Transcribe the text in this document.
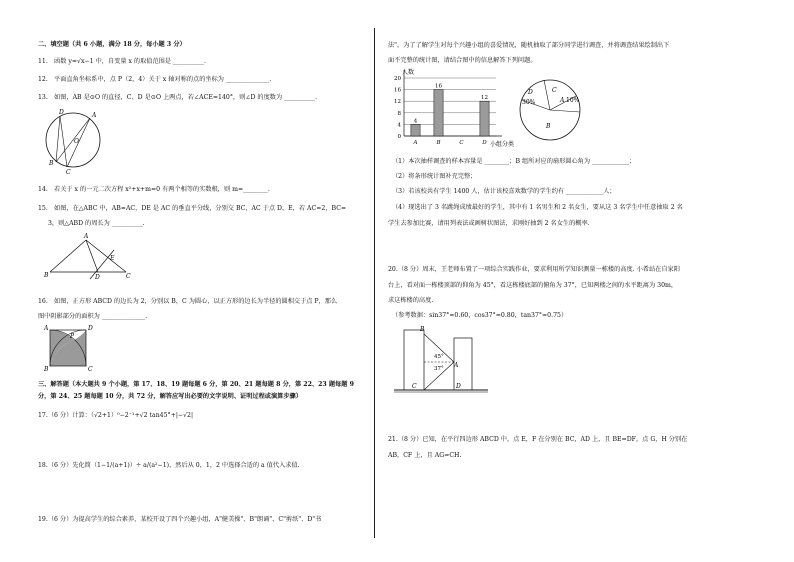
二、填空题（共 6 小题，满分 18 分，每小题 3 分）
11.　函数 y=√x−1 中，自变量 x 的取值范围是 __________.
12.　平面直角坐标系中，点 P（2，4）关于 x 轴对称的点的坐标为 ______________.
13.　如图，AB 是⊙O 的直径，C、D 是⊙O 上两点，若∠ACE=140°，则∠D 的度数为 __________.
D	A
O
B
C
14.　若关于 x 的一元二次方程 x²+x+m=0 有两个相等的实数根，则 m=________.
15.　如图，在△ABC 中，AB=AC，DE 是 AC 的垂直平分线，分别交 BC，AC 于点 D，E，若 AC=2，BC=
3，则△ABD 的周长为 __________.
A
B	C
D
E
16.　如图，正方形 ABCD 的边长为 2，分别以 B，C 为圆心，以正方形的边长为半径的圆相交于点 P，那么
图中阴影部分的面积为 ______________.
A	D
B	C
P
三、解答题（本大题共 9 个小题，第 17、18、19 题每题 6 分，第 20、21 题每题 8 分，第 22、23 题每题 9
分，第 24、25 题每题 10 分，共 72 分，解答应写出必要的文字说明、证明过程或演算步骤）
17.（6 分）计算：（√2+1）⁰−2⁻¹+√2 tan45°+|−√2|
18.（6 分）先化简（1−1/(a+1)）÷ a/(a²−1)，然后从 0，1，2 中选择合适的 a 值代入求值.
19.（6 分）为提高学生的综合素养，某校开设了四个兴趣小组，A"健美操"、B"朗诵"、C"剪纸"、D"书
法"。为了了解学生对每个兴趣小组的喜爱情况，随机抽取了部分同学进行调查，并将调查结果绘制出下
面不完整的统计图，请结合图中的信息解答下列问题。
0
4
8
12
16
20
4
A
16
B	C
12
D
人数
小组分类
D
30%
C
A 10%
B
（1）本次抽样调查的样本容量是 ________；B 组所对应的扇形圆心角为 ____________；
（2）将条形统计图补充完整；
（3）若该校共有学生 1400 人，估计该校喜欢数学的学生约有 ____________人；
（4）现选出了 3 名跳绳成绩最好的学生，其中有 1 名男生和 2 名女生，要从这 3 名学生中任意抽取 2 名
学生去参加比赛，请用列表法或画树状图法，求刚好抽到 2 名女生的概率.
20.（8 分）周末，王老师布置了一项综合实践作业，要求利用所学知识测量一栋楼的高度. 小希站在自家阳
台上，看对面一栋楼顶部的仰角为 45°，看这栋楼底部的俯角为 37°，已知两楼之间的水平距离为 30m，
求这栋楼的高度.
（参考数据：sin37°≈0.60，cos37°≈0.80，tan37°≈0.75）
B
A
C	D
45°
37°
21.（8 分）已知，在平行四边形 ABCD 中，点 E，F 在分别在 BC，AD 上，且 BE=DF，点 G，H 分别在
AB，CF 上，且 AG=CH.
